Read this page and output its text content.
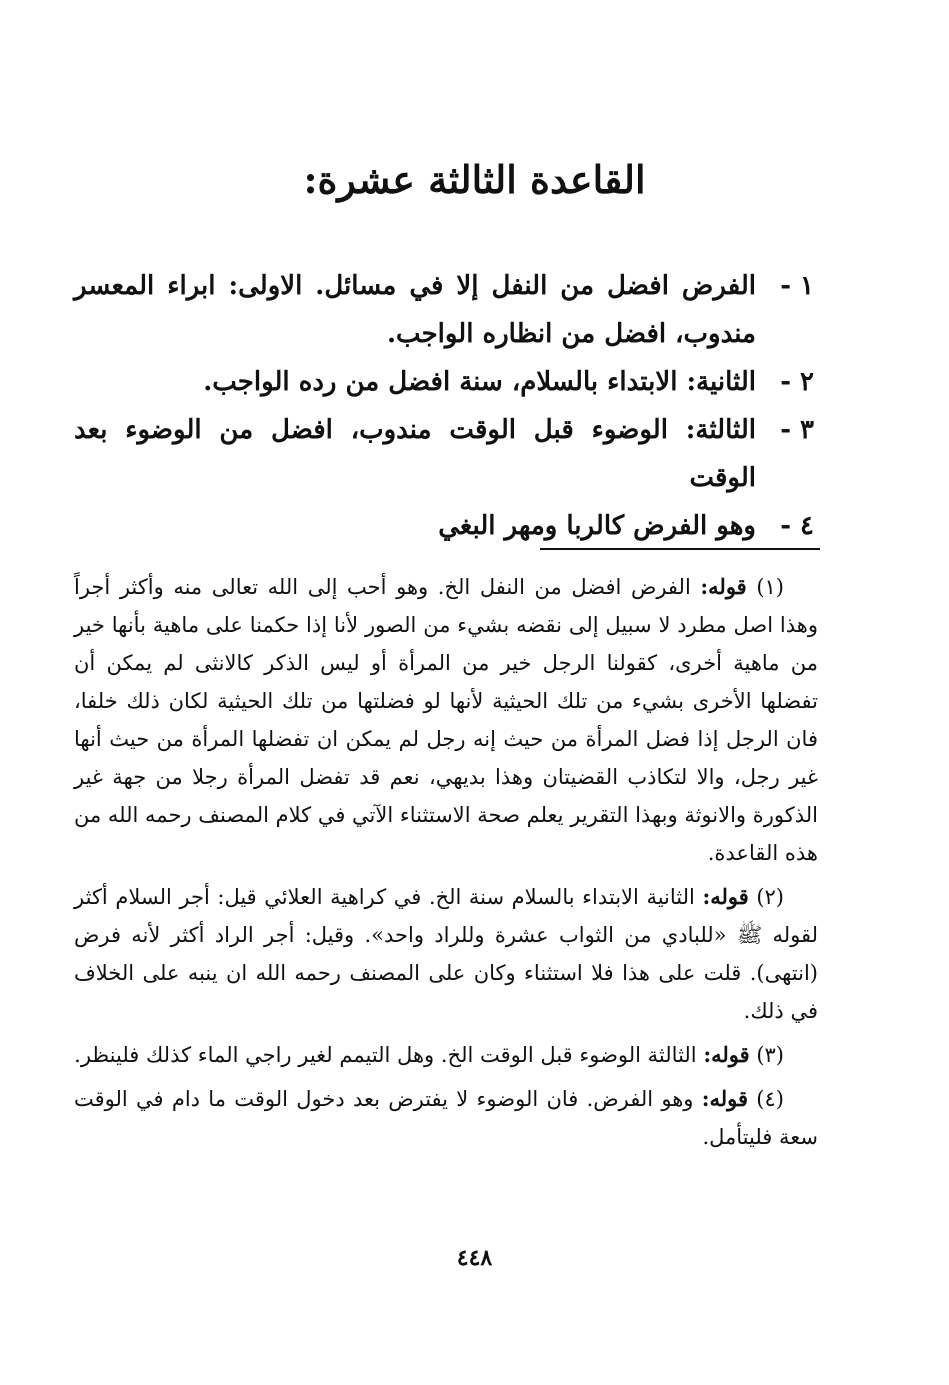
القاعدة الثالثة عشرة:
١ -
الفرض افضل من النفل إلا في مسائل. الاولى: ابراء المعسر مندوب، افضل من انظاره الواجب.
٢ -
الثانية: الابتداء بالسلام، سنة افضل من رده الواجب.
٣ -
الثالثة: الوضوء قبل الوقت مندوب، افضل من الوضوء بعد الوقت
٤ -
وهو الفرض كالربا ومهر البغي

(١) قوله: الفرض افضل من النفل الخ. وهو أحب إلى الله تعالى منه وأكثر أجراً وهذا اصل مطرد لا سبيل إلى نقضه بشيء من الصور لأنا إذا حكمنا على ماهية بأنها خير من ماهية أخرى، كقولنا الرجل خير من المرأة أو ليس الذكر كالانثى لم يمكن أن تفضلها الأخرى بشيء من تلك الحيثية لأنها لو فضلتها من تلك الحيثية لكان ذلك خلفا، فان الرجل إذا فضل المرأة من حيث إنه رجل لم يمكن ان تفضلها المرأة من حيث أنها غير رجل، والا لتكاذب القضيتان وهذا بديهي، نعم قد تفضل المرأة رجلا من جهة غير الذكورة والانوثة وبهذا التقرير يعلم صحة الاستثناء الآتي في كلام المصنف رحمه الله من هذه القاعدة.

(٢) قوله: الثانية الابتداء بالسلام سنة الخ. في كراهية العلائي قيل: أجر السلام أكثر لقوله ﷺ «للبادي من الثواب عشرة وللراد واحد». وقيل: أجر الراد أكثر لأنه فرض (انتهى). قلت على هذا فلا استثناء وكان على المصنف رحمه الله ان ينبه على الخلاف في ذلك.

(٣) قوله: الثالثة الوضوء قبل الوقت الخ. وهل التيمم لغير راجي الماء كذلك فلينظر.

(٤) قوله: وهو الفرض. فان الوضوء لا يفترض بعد دخول الوقت ما دام في الوقت سعة فليتأمل.

٤٤٨
